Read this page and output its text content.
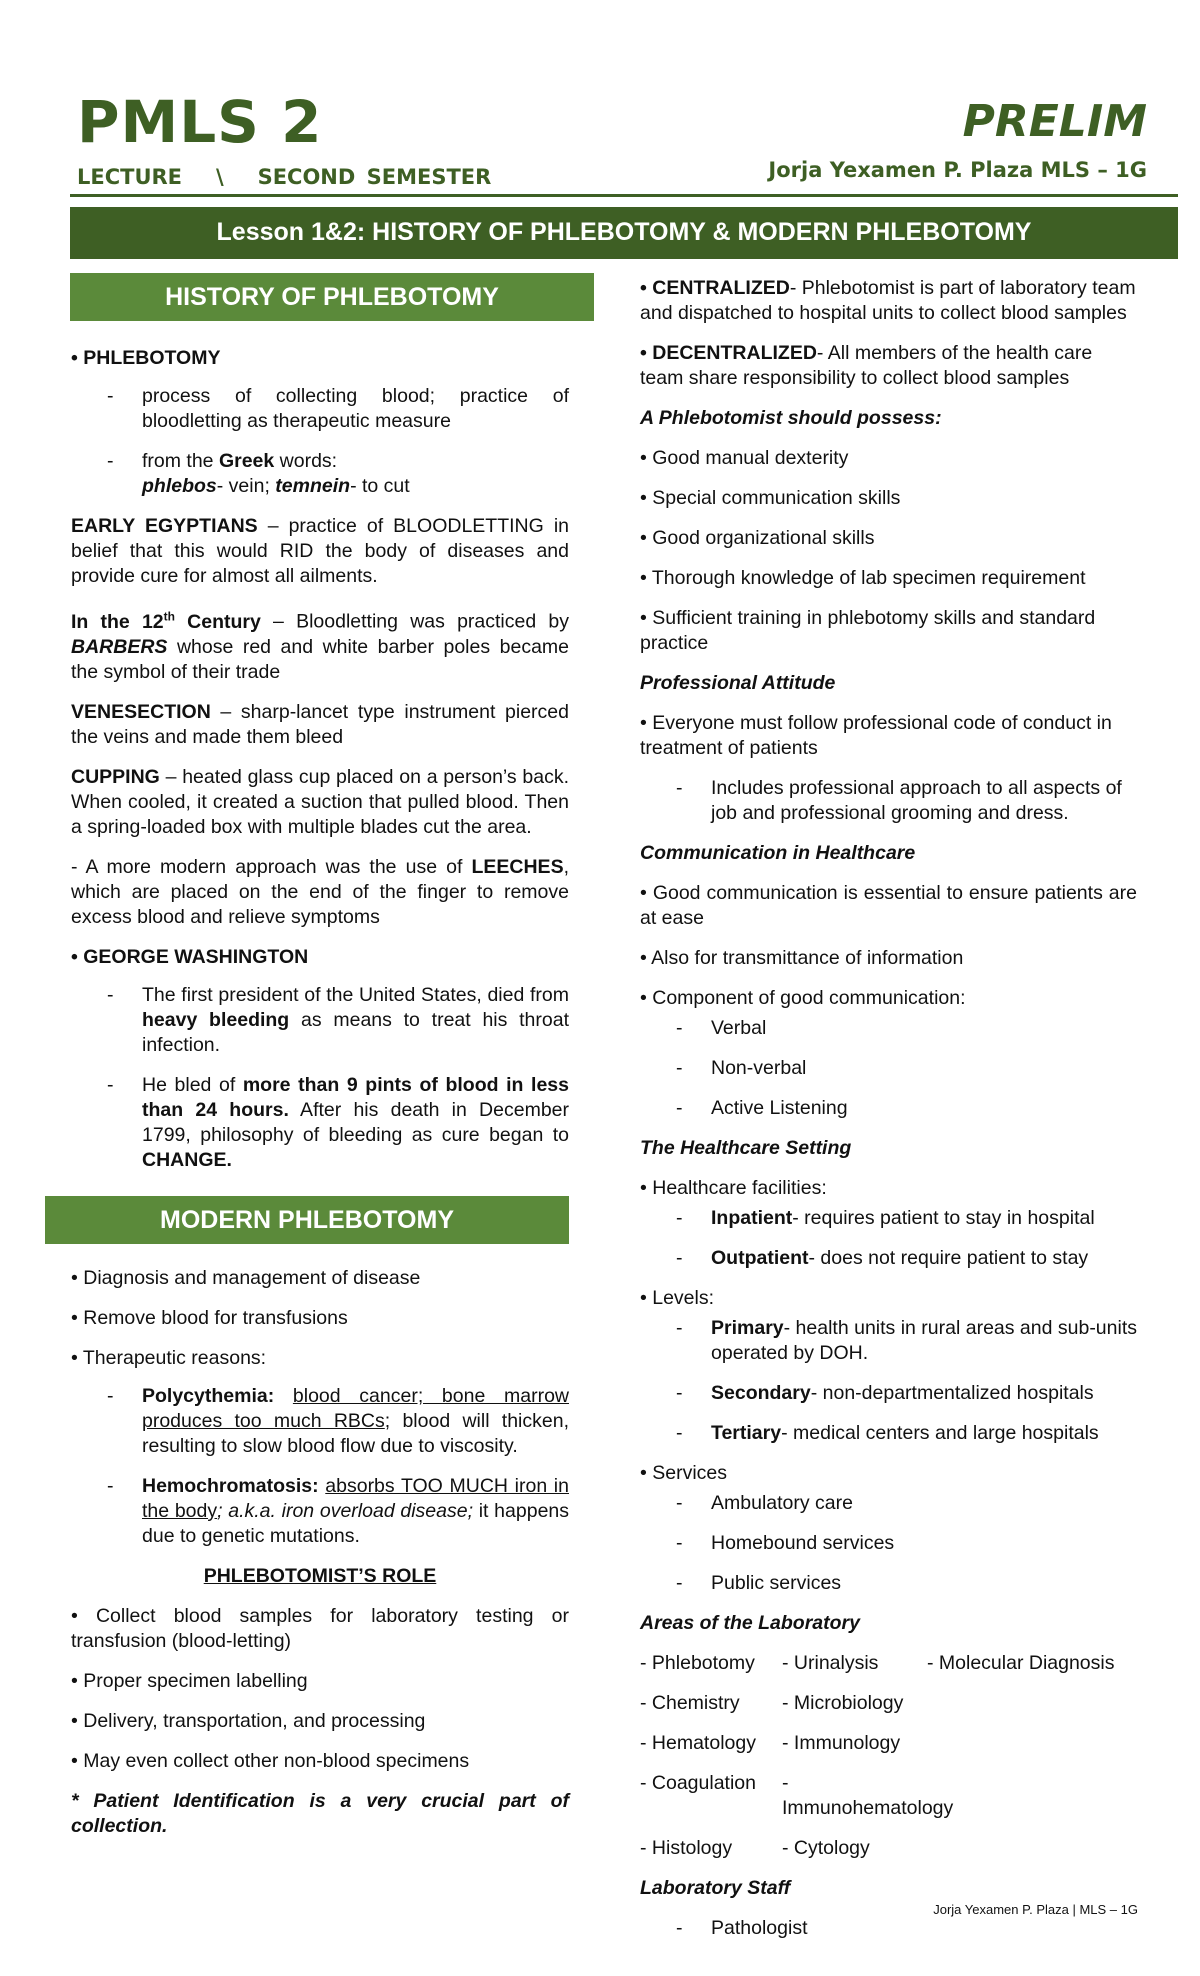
PMLS 2	PRELIM
LECTURE   \   SECOND SEMESTER	Jorja Yexamen P. Plaza MLS – 1G
Lesson 1&2: HISTORY OF PHLEBOTOMY & MODERN PHLEBOTOMY
HISTORY OF PHLEBOTOMY

• PHLEBOTOMY

- process of collecting blood; practice of bloodletting as therapeutic measure

- from the Greek words:
phlebos- vein; temnein- to cut

EARLY EGYPTIANS – practice of BLOODLETTING in belief that this would RID the body of diseases and provide cure for almost all ailments.

In the 12th Century – Bloodletting was practiced by BARBERS whose red and white barber poles became the symbol of their trade

VENESECTION – sharp-lancet type instrument pierced the veins and made them bleed

CUPPING – heated glass cup placed on a person’s back. When cooled, it created a suction that pulled blood. Then a spring-loaded box with multiple blades cut the area.

- A more modern approach was the use of LEECHES, which are placed on the end of the finger to remove excess blood and relieve symptoms

• GEORGE WASHINGTON

- The first president of the United States, died from heavy bleeding as means to treat his throat infection.

- He bled of more than 9 pints of blood in less than 24 hours. After his death in December 1799, philosophy of bleeding as cure began to CHANGE.

MODERN PHLEBOTOMY

• Diagnosis and management of disease

• Remove blood for transfusions

• Therapeutic reasons:

- Polycythemia: blood cancer; bone marrow produces too much RBCs; blood will thicken, resulting to slow blood flow due to viscosity.

- Hemochromatosis: absorbs TOO MUCH iron in the body; a.k.a. iron overload disease; it happens due to genetic mutations.

PHLEBOTOMIST’S ROLE

• Collect blood samples for laboratory testing or transfusion (blood-letting)

• Proper specimen labelling

• Delivery, transportation, and processing

• May even collect other non-blood specimens

* Patient Identification is a very crucial part of collection.

• CENTRALIZED- Phlebotomist is part of laboratory team and dispatched to hospital units to collect blood samples

• DECENTRALIZED- All members of the health care team share responsibility to collect blood samples

A Phlebotomist should possess:

• Good manual dexterity

• Special communication skills

• Good organizational skills

• Thorough knowledge of lab specimen requirement

• Sufficient training in phlebotomy skills and standard practice

Professional Attitude

• Everyone must follow professional code of conduct in treatment of patients

- Includes professional approach to all aspects of job and professional grooming and dress.

Communication in Healthcare

• Good communication is essential to ensure patients are at ease

• Also for transmittance of information

• Component of good communication:

- Verbal

- Non-verbal

- Active Listening

The Healthcare Setting

• Healthcare facilities:

- Inpatient- requires patient to stay in hospital

- Outpatient- does not require patient to stay

• Levels:

- Primary- health units in rural areas and sub-units operated by DOH.

- Secondary- non-departmentalized hospitals

- Tertiary- medical centers and large hospitals

• Services

- Ambulatory care

- Homebound services

- Public services

Areas of the Laboratory

- Phlebotomy	- Urinalysis	- Molecular Diagnosis
- Chemistry	- Microbiology
- Hematology	- Immunology
- Coagulation	- Immunohematology
- Histology	- Cytology

Laboratory Staff

- Pathologist

Jorja Yexamen P. Plaza | MLS – 1G
